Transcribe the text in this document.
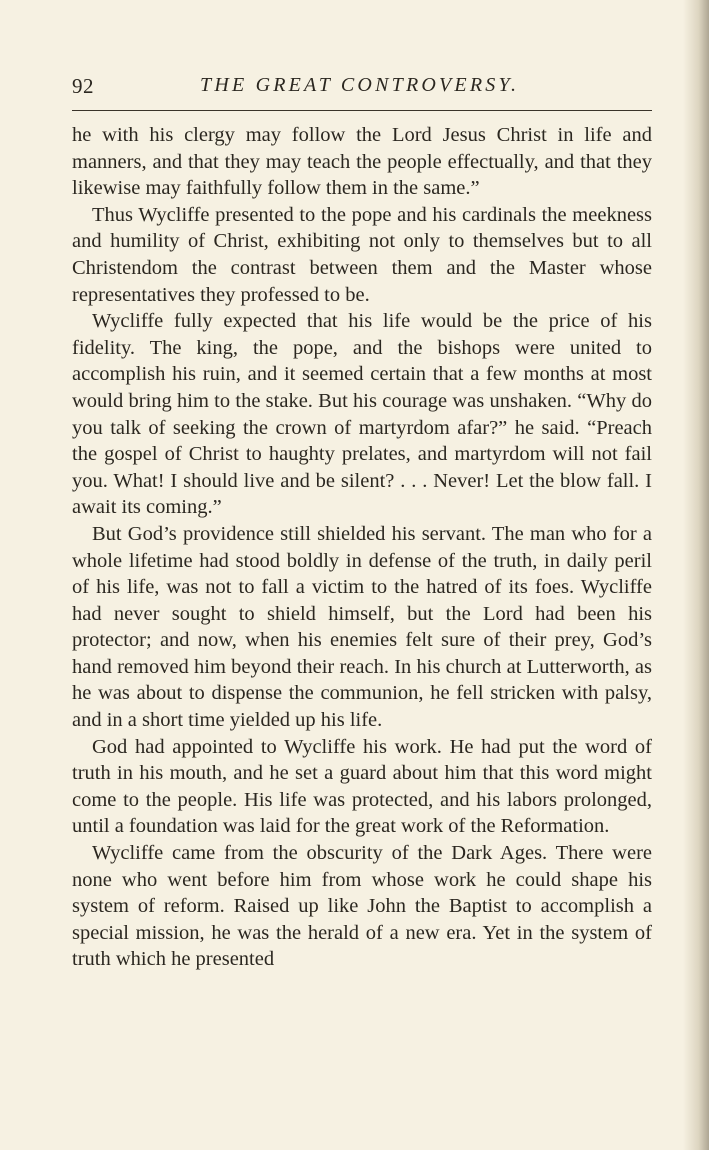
92	THE GREAT CONTROVERSY.

he with his clergy may follow the Lord Jesus Christ in life and manners, and that they may teach the people effectually, and that they likewise may faithfully follow them in the same.”

Thus Wycliffe presented to the pope and his cardinals the meekness and humility of Christ, exhibiting not only to themselves but to all Christendom the contrast between them and the Master whose representatives they professed to be.

Wycliffe fully expected that his life would be the price of his fidelity. The king, the pope, and the bishops were united to accomplish his ruin, and it seemed certain that a few months at most would bring him to the stake. But his courage was unshaken. “Why do you talk of seeking the crown of martyrdom afar?” he said. “Preach the gospel of Christ to haughty prelates, and martyrdom will not fail you. What! I should live and be silent? . . . Never! Let the blow fall. I await its coming.”

But God’s providence still shielded his servant. The man who for a whole lifetime had stood boldly in defense of the truth, in daily peril of his life, was not to fall a victim to the hatred of its foes. Wycliffe had never sought to shield himself, but the Lord had been his protector; and now, when his enemies felt sure of their prey, God’s hand removed him beyond their reach. In his church at Lutterworth, as he was about to dispense the communion, he fell stricken with palsy, and in a short time yielded up his life.

God had appointed to Wycliffe his work. He had put the word of truth in his mouth, and he set a guard about him that this word might come to the people. His life was protected, and his labors prolonged, until a foundation was laid for the great work of the Reformation.

Wycliffe came from the obscurity of the Dark Ages. There were none who went before him from whose work he could shape his system of reform. Raised up like John the Baptist to accomplish a special mission, he was the herald of a new era. Yet in the system of truth which he presented
